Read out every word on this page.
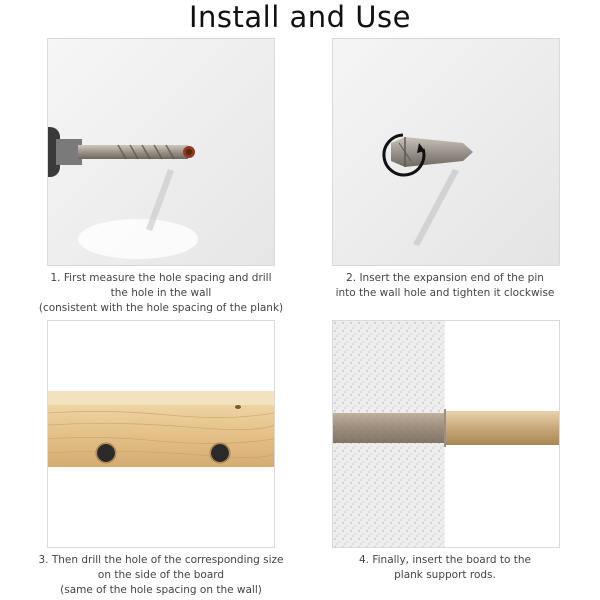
Install and Use
1. First measure the hole spacing and drill
the hole in the wall
(consistent with the hole spacing of the plank)
2. Insert the expansion end of the pin
into the wall hole and tighten it clockwise
3. Then drill the hole of the corresponding size
on the side of the board
(same of the hole spacing on the wall)
4. Finally, insert the board to the
plank support rods.
